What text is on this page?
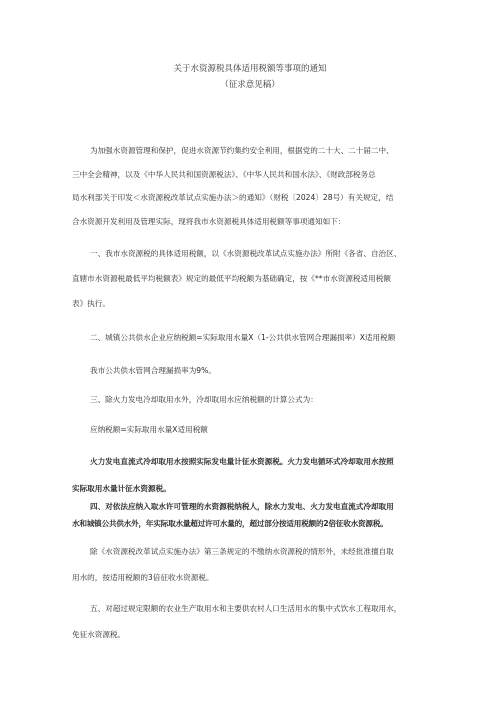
关于水资源税具体适用税额等事项的通知
（征求意见稿）
为加强水资源管理和保护，促进水资源节约集约安全利用，根据党的二十大、二十届二中、
三中全会精神，以及《中华人民共和国资源税法》、《中华人民共和国水法》、《财政部税务总
局水利部关于印发＜水资源税改革试点实施办法＞的通知》（财税〔2024〕28号）有关规定，结
合水资源开发利用及管理实际，现将我市水资源税具体适用税额等事项通知如下：
一、我市水资源税的具体适用税额，以《水资源税改革试点实施办法》所附《各省、自治区、
直辖市水资源税最低平均税额表》规定的最低平均税额为基础确定，按《**市水资源税适用税额
表》执行。
二、城镇公共供水企业应纳税额=实际取用水量X（1-公共供水管网合理漏损率）X适用税额
我市公共供水管网合理漏损率为9%。
三、除火力发电冷却取用水外，冷却取用水应纳税额的计算公式为：
应纳税额=实际取用水量X适用税额
火力发电直流式冷却取用水按照实际发电量计征水资源税。火力发电循环式冷却取用水按照
实际取用水量计征水资源税。
四、对依法应纳入取水许可管理的水资源税纳税人，除水力发电、火力发电直流式冷却取用
水和城镇公共供水外，年实际取水量超过许可水量的，超过部分按适用税额的2倍征收水资源税。
除《水资源税改革试点实施办法》第三条规定的不缴纳水资源税的情形外，未经批准擅自取
用水的，按适用税额的3倍征收水资源税。
五、对超过规定限额的农业生产取用水和主要供农村人口生活用水的集中式饮水工程取用水，
免征水资源税。
